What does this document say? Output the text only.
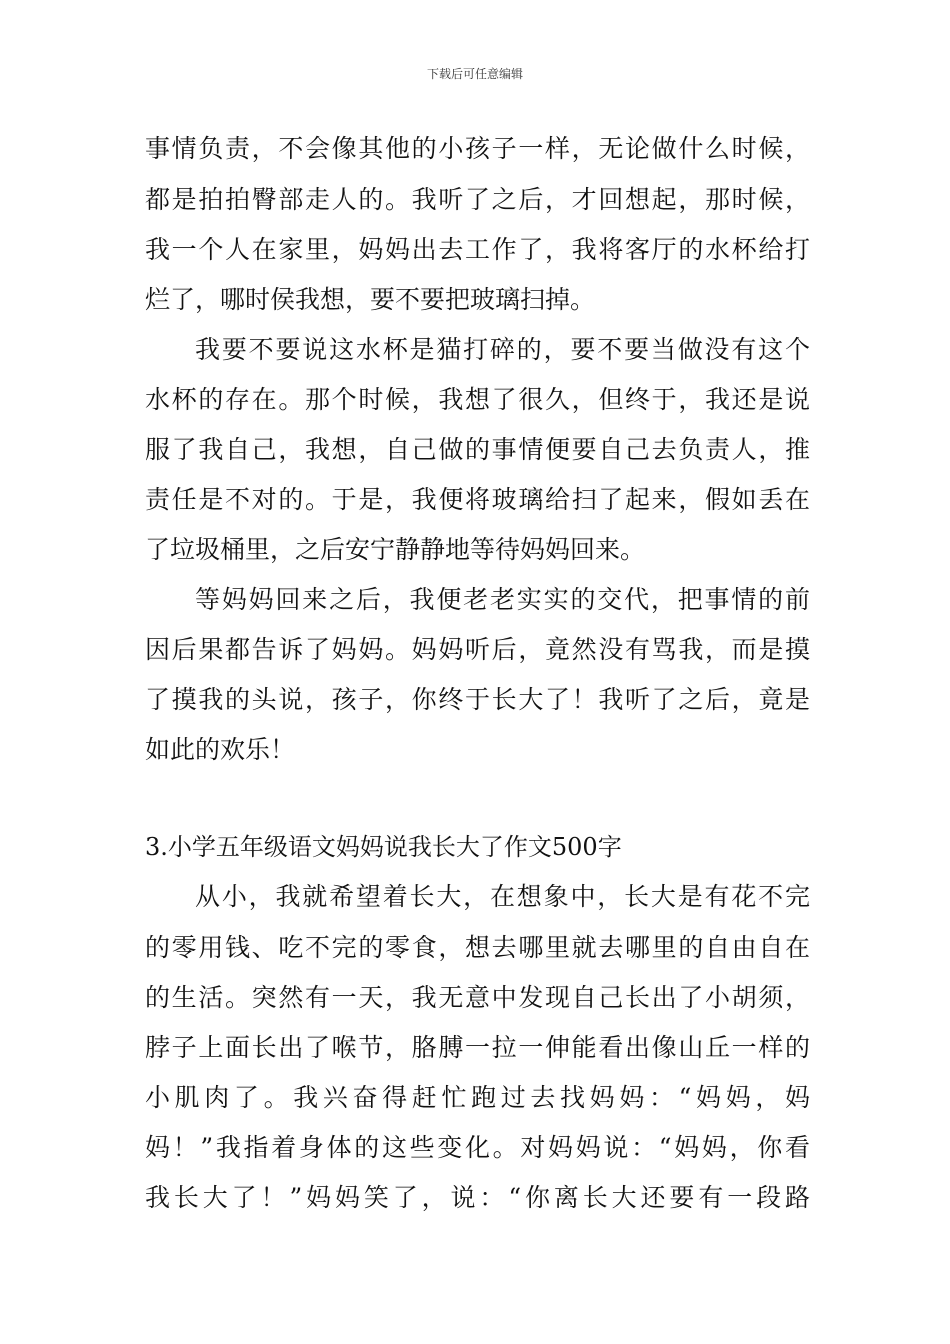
下载后可任意编辑
事情负责，不会像其他的小孩子一样，无论做什么时候，
都是拍拍臀部走人的。我听了之后，才回想起，那时候，
我一个人在家里，妈妈出去工作了，我将客厅的水杯给打
烂了，哪时侯我想，要不要把玻璃扫掉。
我要不要说这水杯是猫打碎的，要不要当做没有这个
水杯的存在。那个时候，我想了很久，但终于，我还是说
服了我自己，我想，自己做的事情便要自己去负责人，推
责任是不对的。于是，我便将玻璃给扫了起来，假如丢在
了垃圾桶里，之后安宁静静地等待妈妈回来。
等妈妈回来之后，我便老老实实的交代，把事情的前
因后果都告诉了妈妈。妈妈听后，竟然没有骂我，而是摸
了摸我的头说，孩子，你终于长大了！我听了之后，竟是
如此的欢乐！
3.小学五年级语文妈妈说我长大了作文500字
从小，我就希望着长大，在想象中，长大是有花不完
的零用钱、吃不完的零食，想去哪里就去哪里的自由自在
的生活。突然有一天，我无意中发现自己长出了小胡须，
脖子上面长出了喉节，胳膊一拉一伸能看出像山丘一样的
小肌肉了。我兴奋得赶忙跑过去找妈妈：“妈妈，妈
妈！”我指着身体的这些变化。对妈妈说：“妈妈，你看
我长大了！”妈妈笑了，说：“你离长大还要有一段路
